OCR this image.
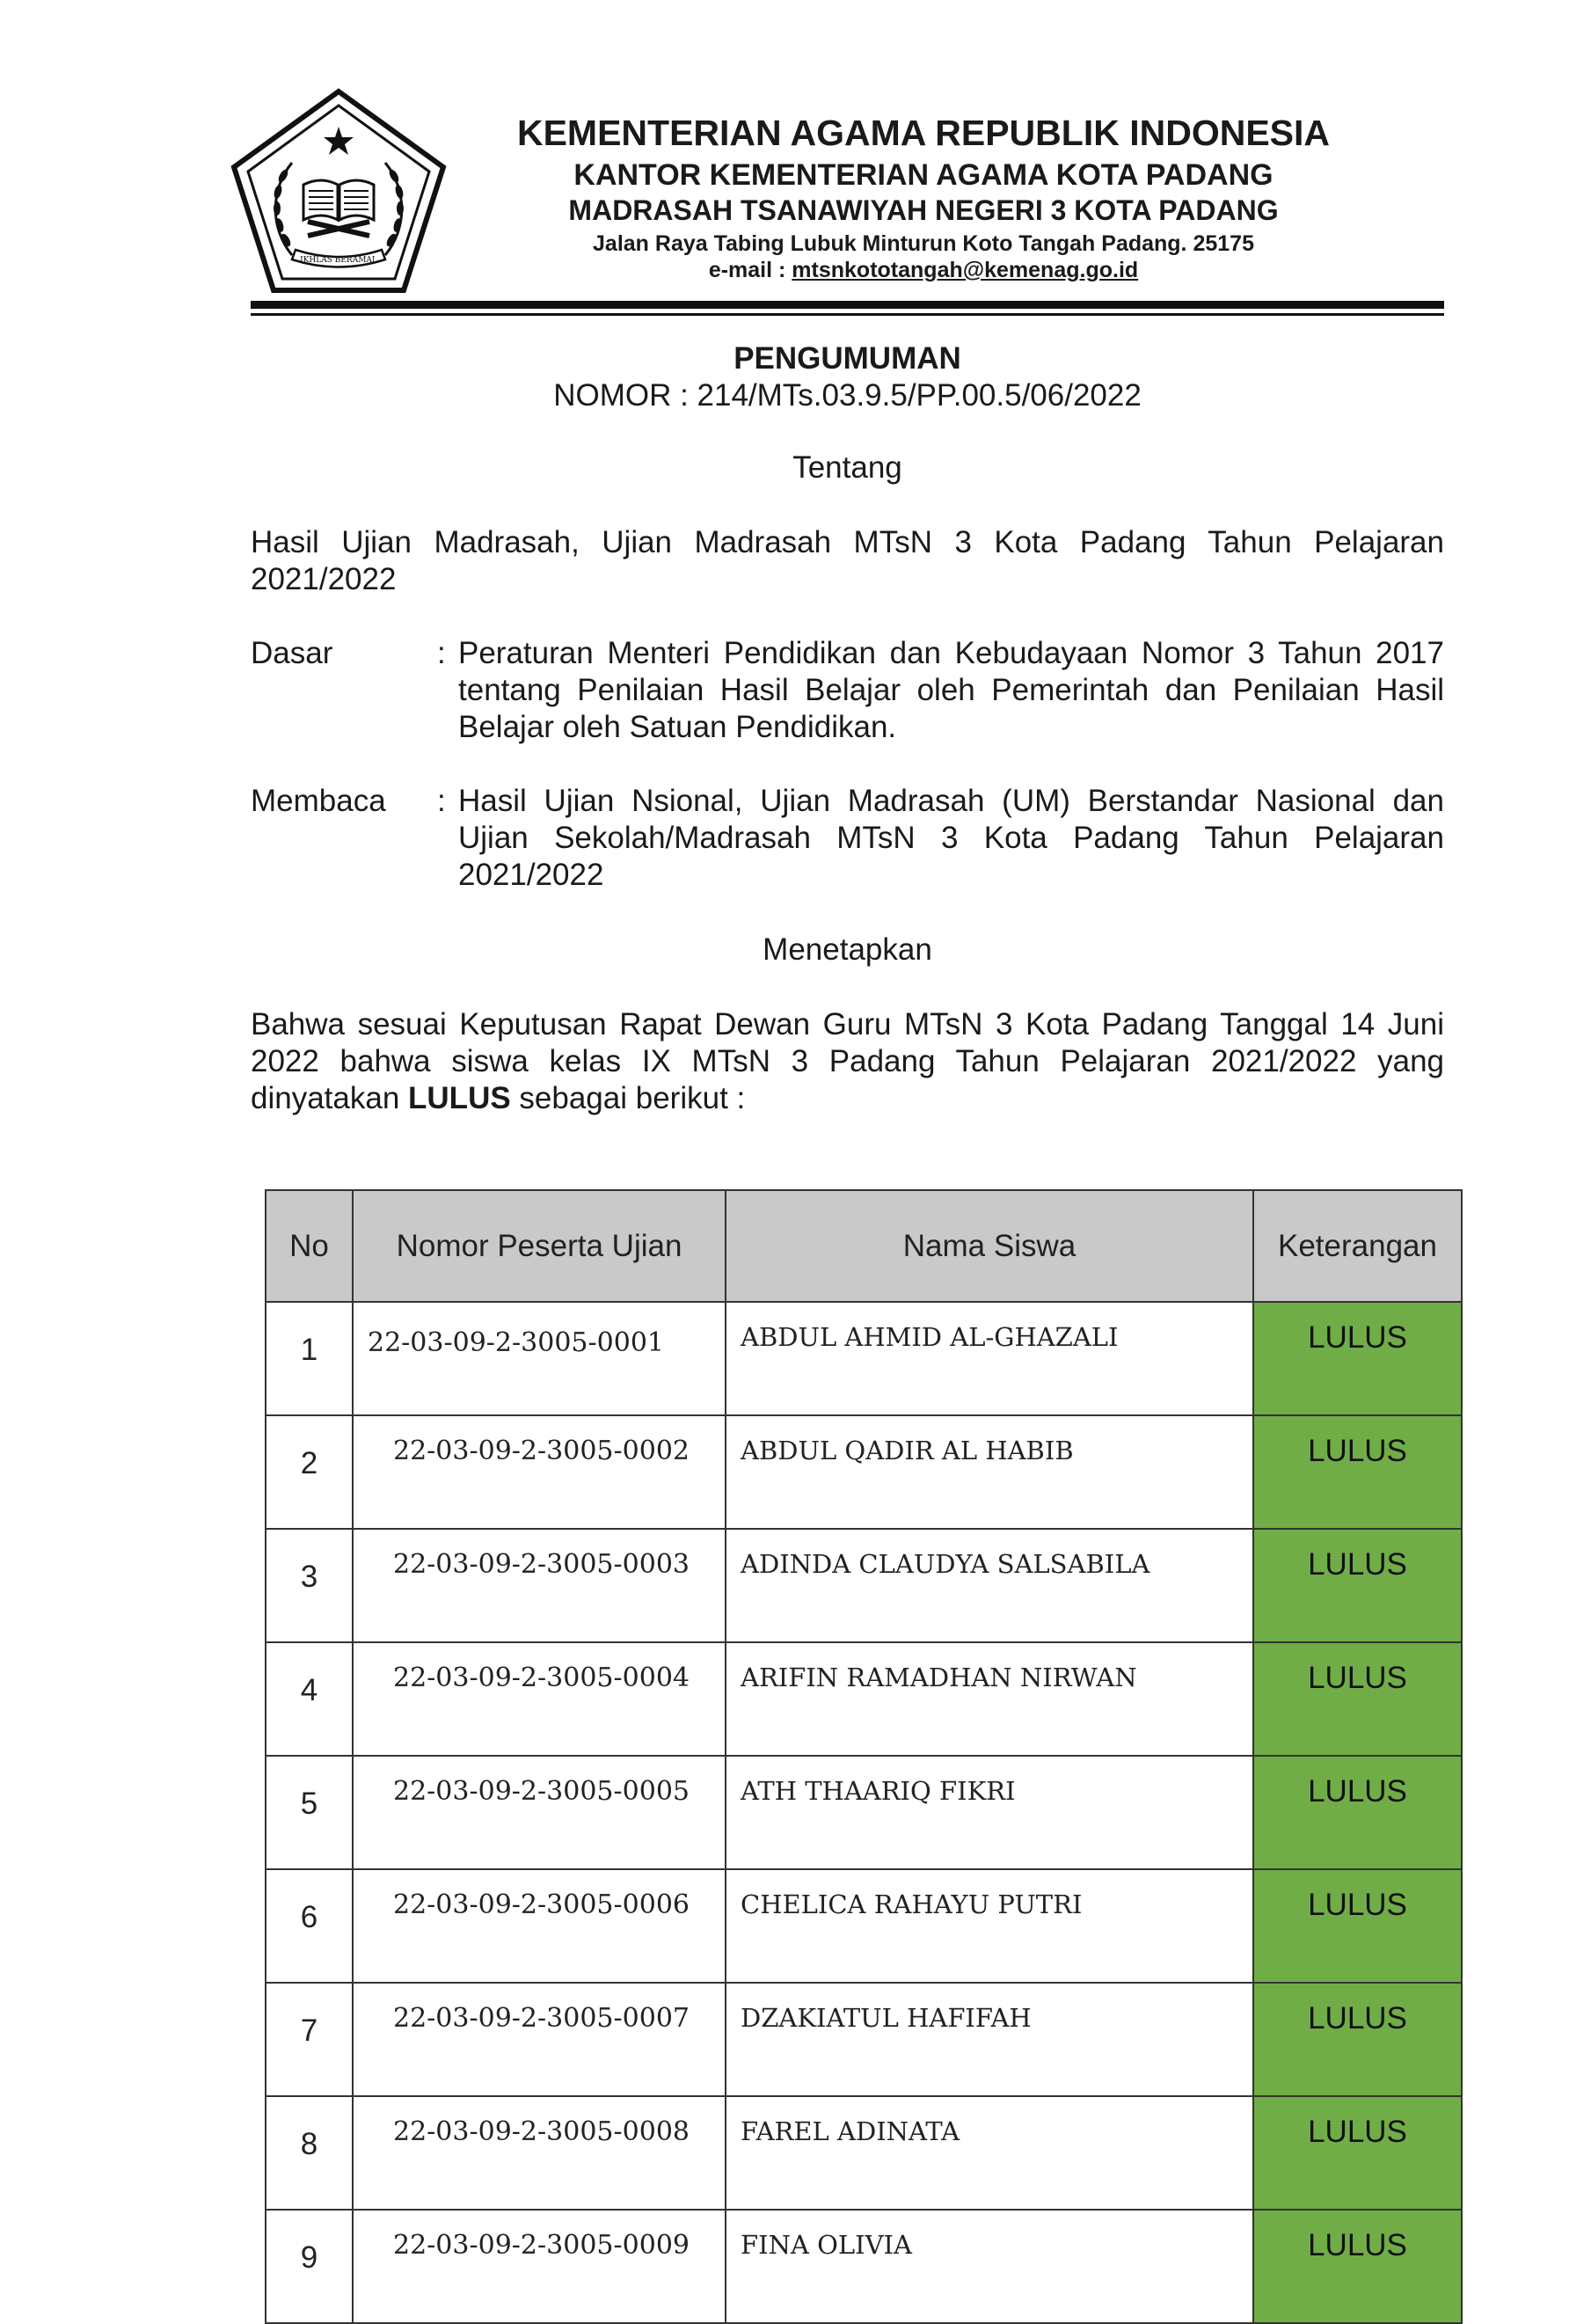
IKHLAS BERAMAL

KEMENTERIAN AGAMA REPUBLIK INDONESIA

KANTOR KEMENTERIAN AGAMA KOTA PADANG

MADRASAH TSANAWIYAH NEGERI 3 KOTA PADANG

Jalan Raya Tabing Lubuk Minturun Koto Tangah Padang. 25175

e-mail : mtsnkototangah@kemenag.go.id

PENGUMUMAN

NOMOR : 214/MTs.03.9.5/PP.00.5/06/2022

Tentang

Hasil Ujian Madrasah, Ujian Madrasah MTsN 3 Kota Padang Tahun Pelajaran 2021/2022

Dasar	: Peraturan Menteri Pendidikan dan Kebudayaan Nomor 3 Tahun 2017 tentang Penilaian Hasil Belajar oleh Pemerintah dan Penilaian Hasil Belajar oleh Satuan Pendidikan.

Membaca : Hasil Ujian Nsional, Ujian Madrasah (UM) Berstandar Nasional dan Ujian Sekolah/Madrasah MTsN 3 Kota Padang Tahun Pelajaran 2021/2022

Menetapkan

Bahwa sesuai Keputusan Rapat Dewan Guru MTsN 3 Kota Padang Tanggal 14 Juni 2022 bahwa siswa kelas IX MTsN 3 Padang Tahun Pelajaran 2021/2022 yang dinyatakan LULUS sebagai berikut :

No	Nomor Peserta Ujian	Nama Siswa	Keterangan
1	22-03-09-2-3005-0001	ABDUL AHMID AL-GHAZALI	LULUS
2	22-03-09-2-3005-0002	ABDUL QADIR AL HABIB	LULUS
3	22-03-09-2-3005-0003	ADINDA CLAUDYA SALSABILA	LULUS
4	22-03-09-2-3005-0004	ARIFIN RAMADHAN NIRWAN	LULUS
5	22-03-09-2-3005-0005	ATH THAARIQ FIKRI	LULUS
6	22-03-09-2-3005-0006	CHELICA RAHAYU PUTRI	LULUS
7	22-03-09-2-3005-0007	DZAKIATUL HAFIFAH	LULUS
8	22-03-09-2-3005-0008	FAREL ADINATA	LULUS
9	22-03-09-2-3005-0009	FINA OLIVIA	LULUS
